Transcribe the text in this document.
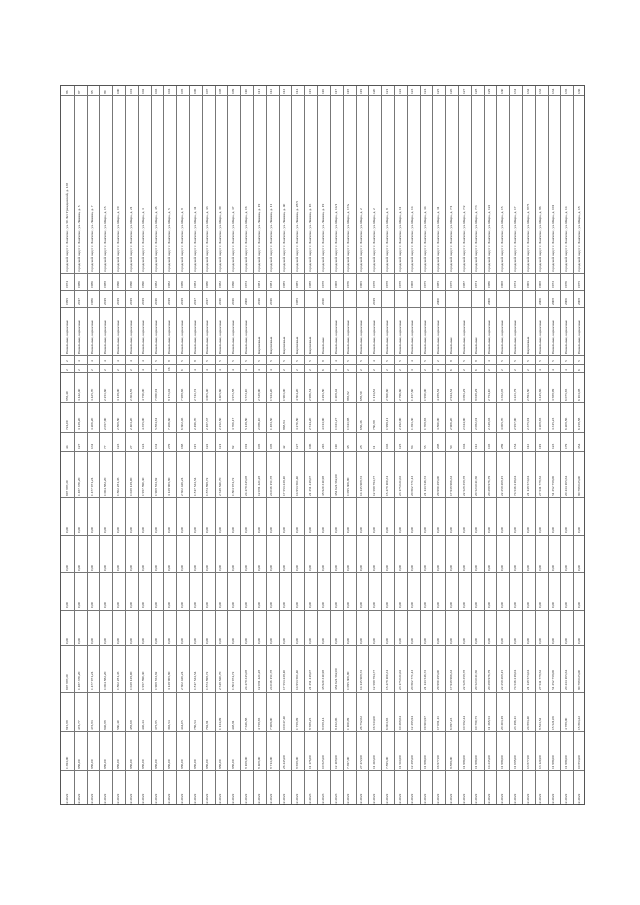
96
городской округ г. Лангепас, ул. 50 Лет Гражданской, д. 138
1974
1995
Панельные, каркасные
2
2
855,40
724,00
44
697 897,20
0,00
0,00
0,00
0,00
697 897,20
815,89
1 393,00
12.2022
97
городской округ г. Лангепас, ул. Ленина, д. 5
1986
2017
Панельные, каркасные
4
2
3 442,40
3 129,20
127
1 487 370,20
0,00
0,00
0,00
0,00
1 487 370,20
473,77
986,00
12.2022
98
городской округ г. Лангепас, ул. Ленина, д. 7
1986
1986
Панельные, каркасные
4
2
3 425,70
3 206,20
131
1 477 971,24
0,00
0,00
0,00
0,00
1 477 971,24
473,83
986,00
12.2022
99
городской округ г. Лангепас, ул. Мира, д. 15
1988
2019
Панельные, каркасные
4
2
2 251,60
2 057,90
77
1 064 882,20
0,00
0,00
0,00
0,00
1 064 882,20
846,88
986,00
12.2022
100
городской округ г. Лангепас, ул. Мира, д. 19
1990
2019
Панельные, каркасные
4
2
3 139,00
2 868,80
123
1 862 281,45
0,00
0,00
0,00
0,00
1 862 281,45
560,40
986,00
12.2022
101
городской округ г. Лангепас, ул. Мира, д. 21
1990
2019
Панельные, каркасные
4
2
2 364,85
2 403,20
27
1 028 129,00
0,00
0,00
0,00
0,00
1 028 129,00
485,69
986,00
12.2022
102
городской округ г. Лангепас, ул. Мира, д. 3
1990
2019
Панельные, каркасные
4
4
4 750,00
4 355,00
124
1 957 890,30
0,00
0,00
0,00
0,00
1 957 890,30
446,44
986,00
12.2022
103
городской округ г. Лангепас, ул. Мира, д. 45
1982
2016
Панельные, каркасные
5
4
7 080,91
5 884,61
131
1 968 553,82
0,00
0,00
0,00
0,00
1 968 553,82
375,85
986,00
12.2022
104
городской округ г. Лангепас, ул. Мира, д. 5
1982
2019
Панельные, каркасные
9
16
8 171,02
7 266,60
279
3 129 965,80
0,00
0,00
0,00
0,00
3 129 965,80
393,54
986,00
12.2022
105
городской округ г. Лангепас, ул. Мира, д. 9
1986
2019
Панельные, каркасные
5
6
7 988,66
6 602,46
168
2 502 426,24
0,00
0,00
0,00
0,00
2 502 426,24
444,05
986,00
12.2022
106
городской округ г. Лангепас, ул. Мира, д. 31
1983
2017
Панельные, каркасные
9
4
2 741,72
2 496,70
115
1 817 533,54
0,00
0,00
0,00
0,00
1 817 533,54
786,54
986,00
12.2022
107
городской округ г. Лангепас, ул. Мира, д. 33
1980
2017
Панельные, каркасные
5
4
3 005,40
2 487,37
122
1 873 898,72
0,00
0,00
0,00
0,00
1 873 898,72
792,91
986,00
12.2022
108
городской округ г. Лангепас, ул. Мира, д. 39
1982
2016
Панельные, каркасные
5
4
3 405,60
2 252,50
121
2 548 820,70
0,00
0,00
0,00
0,00
2 548 820,70
1 134,09
986,00
12.2022
109
городской округ г. Лангепас, ул. Мира, д. 37
1990
2016
Панельные, каркасные
5
4
3 971,88
3 766,17
82
1 803 974,72
0,00
0,00
0,00
0,00
1 803 974,72
448,91
986,00
12.2022
110
городской округ г. Лангепас, ул. Мира, д. 16
1973
2000
Панельные, каркасные
5
4
5 573,10
5 139,80
191
24 479 345,08
0,00
0,00
0,00
0,00
24 479 345,08
7 636,88
8 169,00
12.2022
111
городской округ г. Лангепас, ул. Ленина, д. 19
1981
2016
Кирпичные
5
4
2 538,90
2 086,10
105
12 081 421,28
0,00
0,00
0,00
0,00
12 081 421,28
4 758,65
8 408,00
12.2022
112
городской округ г. Лангепас, ул. Ленина, д. 11
1981
2016
Кирпичные
5
4
1 943,20
1 483,50
105
24 036 151,78
0,00
0,00
0,00
0,00
24 036 151,78
7 969,00
8 713,00
12.2022
113
городской округ г. Лангепас, ул. Ленина, д. 40
1985
Кирпичные
5
2
1 961,00
968,84
42
17 553 239,10
0,00
0,00
0,00
0,00
17 553 239,10
10 047,40
26 445,00
12.2022
114
городской округ г. Лангепас, ул. Ленина, д. 28/5
1985
1985
Кирпичные
5
2
4 504,20
3 270,80
127
14 953 561,40
0,00
0,00
0,00
0,00
14 953 561,40
1 758,09
8 658,00
12.2022
115
городской округ г. Лангепас, ул. Ленина, д. 16
1988
Кирпичные
5
2
2 986,51
2 514,20
106
21 351 418,07
0,00
0,00
0,00
0,00
21 351 418,07
8 588,25
11 176,00
12.2023
116
городской округ г. Лангепас, ул. Ленина, д. 19
1978
2010
Панельные
9
6
4 291,80
4 013,90
216
38 920 310,98
0,00
0,00
0,00
0,00
38 920 310,98
9 058,14
10 825,00
12.2023
117
городской округ г. Лангепас, ул. Мира, д. 14/1
1968
Панельные, каркасные
4
3
1 209,42
1 031,27
110
384 624 562,00
0,00
0,00
0,00
0,00
384 624 562,00
9 452,06
12 108,00
12.2023
118
городской округ г. Лангепас, ул. Мира, д. 17А
1976
Панельные, каркасные
5
2
965,82
1 041,98
38
1 095 306,90
0,00
0,00
0,00
0,00
1 095 306,90
1 100,09
7 397,00
12.2022
119
городской округ г. Лангепас, ул. Мира, д. 2
1965
Панельные, каркасные
5
2
685,50
656,36
28
14 145 908,72
0,00
0,00
0,00
0,00
14 145 908,72
26 752,62
27 472,00
12.2022
120
городской округ г. Лангепас, ул. Мира, д. 2
1978
2019
Панельные, каркасные
4
2
1 113,82
750,89
11
12 599 794,77
0,00
0,00
0,00
0,00
12 599 794,77
16 533,00
11 303,00
12.2022
121
городской округ г. Лангепас, ул. Мира, д. 9
1978
Панельные, каркасные
5
2
2 560,60
1 999,11
103
15 478 100,31
0,00
0,00
0,00
0,00
15 478 100,31
6 003,65
7 895,00
12.2022
122
городской округ г. Лангепас, ул. Мира, д. 11
1978
Панельные, каркасные
5
2
2 796,60
2 292,90
125
23 175 021,02
0,00
0,00
0,00
0,00
23 175 021,02
10 368,64
11 510,00
12.2022
123
городской округ г. Лангепас, ул. Мира, д. 14
1968
Панельные, каркасные
4
3
1 457,60
1 391,30
84
20 802 771,13
0,00
0,00
0,00
0,00
20 802 771,13
12 395,94
12 395,00
12.2022
124
городской округ г. Лангепас, ул. Мира, д. 34
1975
Панельные, каркасные
5
2
1 950,00
1 768,65
55
21 143 546,72
0,00
0,00
0,00
0,00
21 143 546,72
19 903,97
11 999,00
12.2022
125
городской округ г. Лангепас, ул. Мира, д. 31
1985
2000
Панельные, каркасные
2
4
4 289,82
3 860,00
208
29 980 295,00
0,00
0,00
0,00
0,00
29 980 295,00
17 681,11
16 977,00
12.2022
126
городской округ г. Лангепас, ул. Мира, д. 7/1
1975
Панельные
9
6
2 944,52
2 906,20
50
17 938 966,33
0,00
0,00
0,00
0,00
17 938 966,33
6 097,23
9 889,00
12.2022
127
городской округ г. Лангепас, ул. Мира, д. 7/2
1987
Панельные, каркасные
5
2
3 091,29
2 044,90
104
22 528 358,78
0,00
0,00
0,00
0,00
22 528 358,78
10 582,44
11 999,00
12.2022
128
городской округ г. Лангепас, ул. Мира, д. 7/3
1971
Панельные
9
6
9 038,29
2 082,01
112
20 523 041,56
0,00
0,00
0,00
0,00
20 523 041,56
10 780,75
11 999,00
12.2022
129
городской округ г. Лангепас, ул. Мира, д. 122
1986
2006
Панельные, каркасные
4
2
2 754,10
2 348,03
145
20 289 976,79
0,00
0,00
0,00
0,00
20 289 976,79
11 368,53
14 235,00
12.2022
130
городской округ г. Лангепас, ул. Мира, д. 15
1968
Панельные, каркасные
5
2
3 352,05
3 065,70
289
22 259 268,15
0,00
0,00
0,00
0,00
22 259 268,15
20 303,19
11 999,00
12.2022
131
городской округ г. Лангепас, ул. Мира, д. 17
1974
Панельные, каркасные
5
2
3 221,79
2 957,90
154
74 536 219,04
0,00
0,00
0,00
0,00
74 536 219,04
23 196,11
11 688,00
12.2022
132
городской округ г. Лангепас, ул. Мира, д. 97/5
1965
Кирпичные
5
2
2 893,50
2 375,91
112
21 148 573,04
0,00
0,00
0,00
0,00
21 148 573,04
24 883,40
13 877,00
12.2022
133
городской округ г. Лангепас, ул. Мира, д. 96
1968
2006
Панельные, каркасные
5
4
3 445,66
3 208,65
119
27 531 778,52
0,00
0,00
0,00
0,00
27 531 778,52
8 823,52
13 120,00
12.2022
134
городской округ г. Лангепас, ул. Мира, д. 101
1973
2008
Панельные, каркасные
5
4
3 588,99
3 315,23
123
51 352 759,06
0,00
0,00
0,00
0,00
51 352 759,06
15 521,06
11 999,00
12.2022
135
городской округ г. Лангепас, ул. Мира, д. 14
1976
2006
Панельные, каркасные
5
4
6 075,65
6 208,86
179
20 434 165,64
0,00
0,00
0,00
0,00
20 434 165,64
4 788,00
11 999,00
12.2022
136
городской округ г. Лангепас, ул. Мира, д. 18
1975
2008
Панельные, каркасные
5
6
6 163,08
6 258,88
354
90 798 025,00
0,00
0,00
0,00
0,00
90 798 025,00
15 863,22
10 853,00
12.2022
